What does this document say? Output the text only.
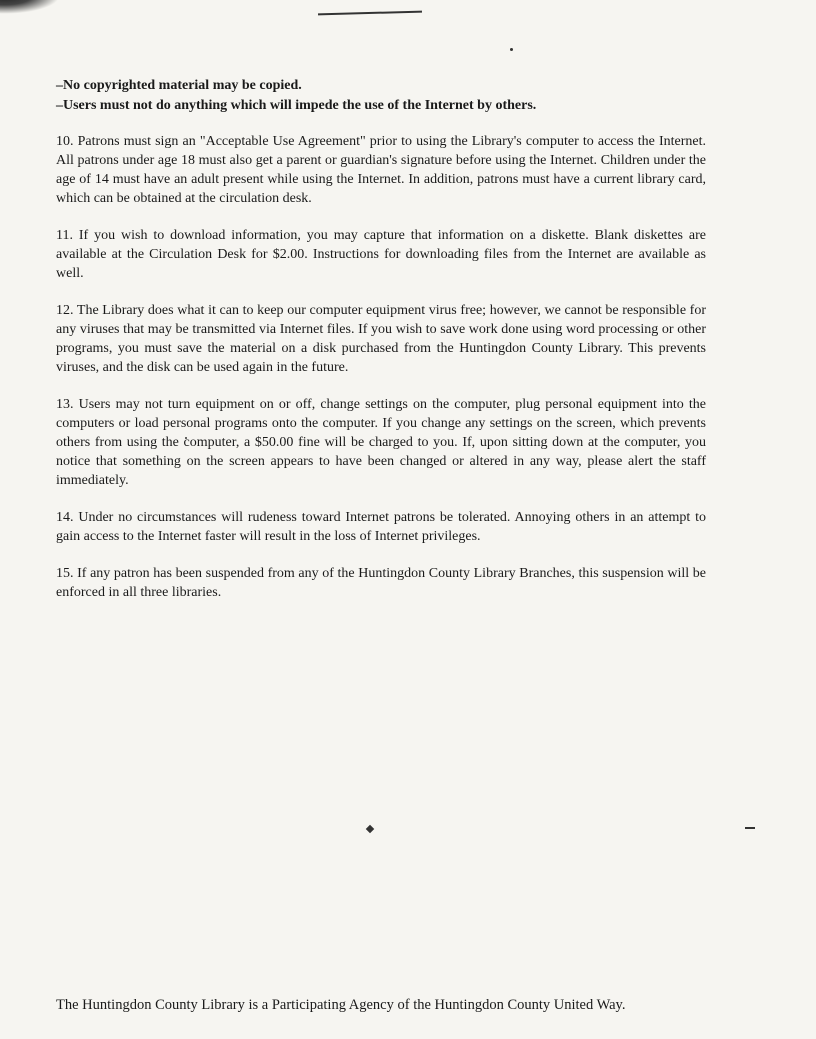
–No copyrighted material may be copied.

–Users must not do anything which will impede the use of the Internet by others.

10. Patrons must sign an "Acceptable Use Agreement" prior to using the Library's computer to access the Internet. All patrons under age 18 must also get a parent or guardian's signature before using the Internet. Children under the age of 14 must have an adult present while using the Internet. In addition, patrons must have a current library card, which can be obtained at the circulation desk.

11. If you wish to download information, you may capture that information on a diskette. Blank diskettes are available at the Circulation Desk for $2.00. Instructions for downloading files from the Internet are available as well.

12. The Library does what it can to keep our computer equipment virus free; however, we cannot be responsible for any viruses that may be transmitted via Internet files. If you wish to save work done using word processing or other programs, you must save the material on a disk purchased from the Huntingdon County Library. This prevents viruses, and the disk can be used again in the future.

13. Users may not turn equipment on or off, change settings on the computer, plug personal equipment into the computers or load personal programs onto the computer. If you change any settings on the screen, which prevents others from using the computer, a $50.00 fine will be charged to you. If, upon sitting down at the computer, you notice that something on the screen appears to have been changed or altered in any way, please alert the staff immediately.

14. Under no circumstances will rudeness toward Internet patrons be tolerated. Annoying others in an attempt to gain access to the Internet faster will result in the loss of Internet privileges.

15. If any patron has been suspended from any of the Huntingdon County Library Branches, this suspension will be enforced in all three libraries.

The Huntingdon County Library is a Participating Agency of the Huntingdon County United Way.
